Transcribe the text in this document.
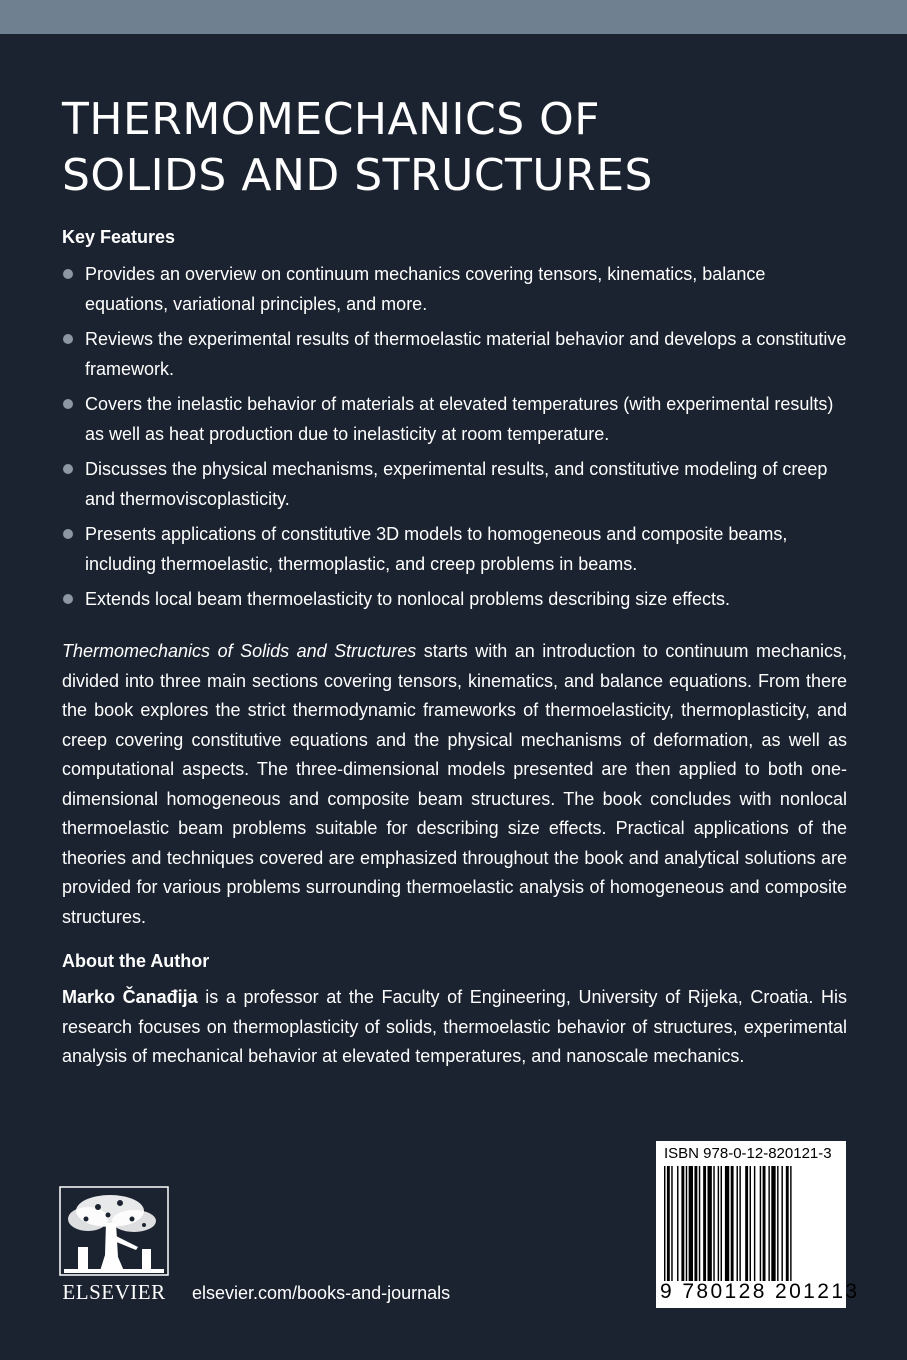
THERMOMECHANICS OF
SOLIDS AND STRUCTURES
Key Features
Provides an overview on continuum mechanics covering tensors, kinematics, balance equations, variational principles, and more.
Reviews the experimental results of thermoelastic material behavior and develops a constitutive framework.
Covers the inelastic behavior of materials at elevated temperatures (with experimental results) as well as heat production due to inelasticity at room temperature.
Discusses the physical mechanisms, experimental results, and constitutive modeling of creep and thermoviscoplasticity.
Presents applications of constitutive 3D models to homogeneous and composite beams, including thermoelastic, thermoplastic, and creep problems in beams.
Extends local beam thermoelasticity to nonlocal problems describing size effects.

Thermomechanics of Solids and Structures starts with an introduction to continuum mechanics, divided into three main sections covering tensors, kinematics, and balance equations. From there the book explores the strict thermodynamic frameworks of thermoelasticity, thermoplasticity, and creep covering constitutive equations and the physical mechanisms of deformation, as well as computational aspects. The three-dimensional models presented are then applied to both one-dimensional homogeneous and composite beam structures. The book concludes with nonlocal thermoelastic beam problems suitable for describing size effects. Practical applications of the theories and techniques covered are emphasized throughout the book and analytical solutions are provided for various problems surrounding thermoelastic analysis of homogeneous and composite structures.

About the Author

Marko Čanađija is a professor at the Faculty of Engineering, University of Rijeka, Croatia. His research focuses on thermoplasticity of solids, thermoelastic behavior of structures, experimental analysis of mechanical behavior at elevated temperatures, and nanoscale mechanics.

ELSEVIER elsevier.com/books-and-journals
ISBN 978-0-12-820121-3
9 780128 201213
